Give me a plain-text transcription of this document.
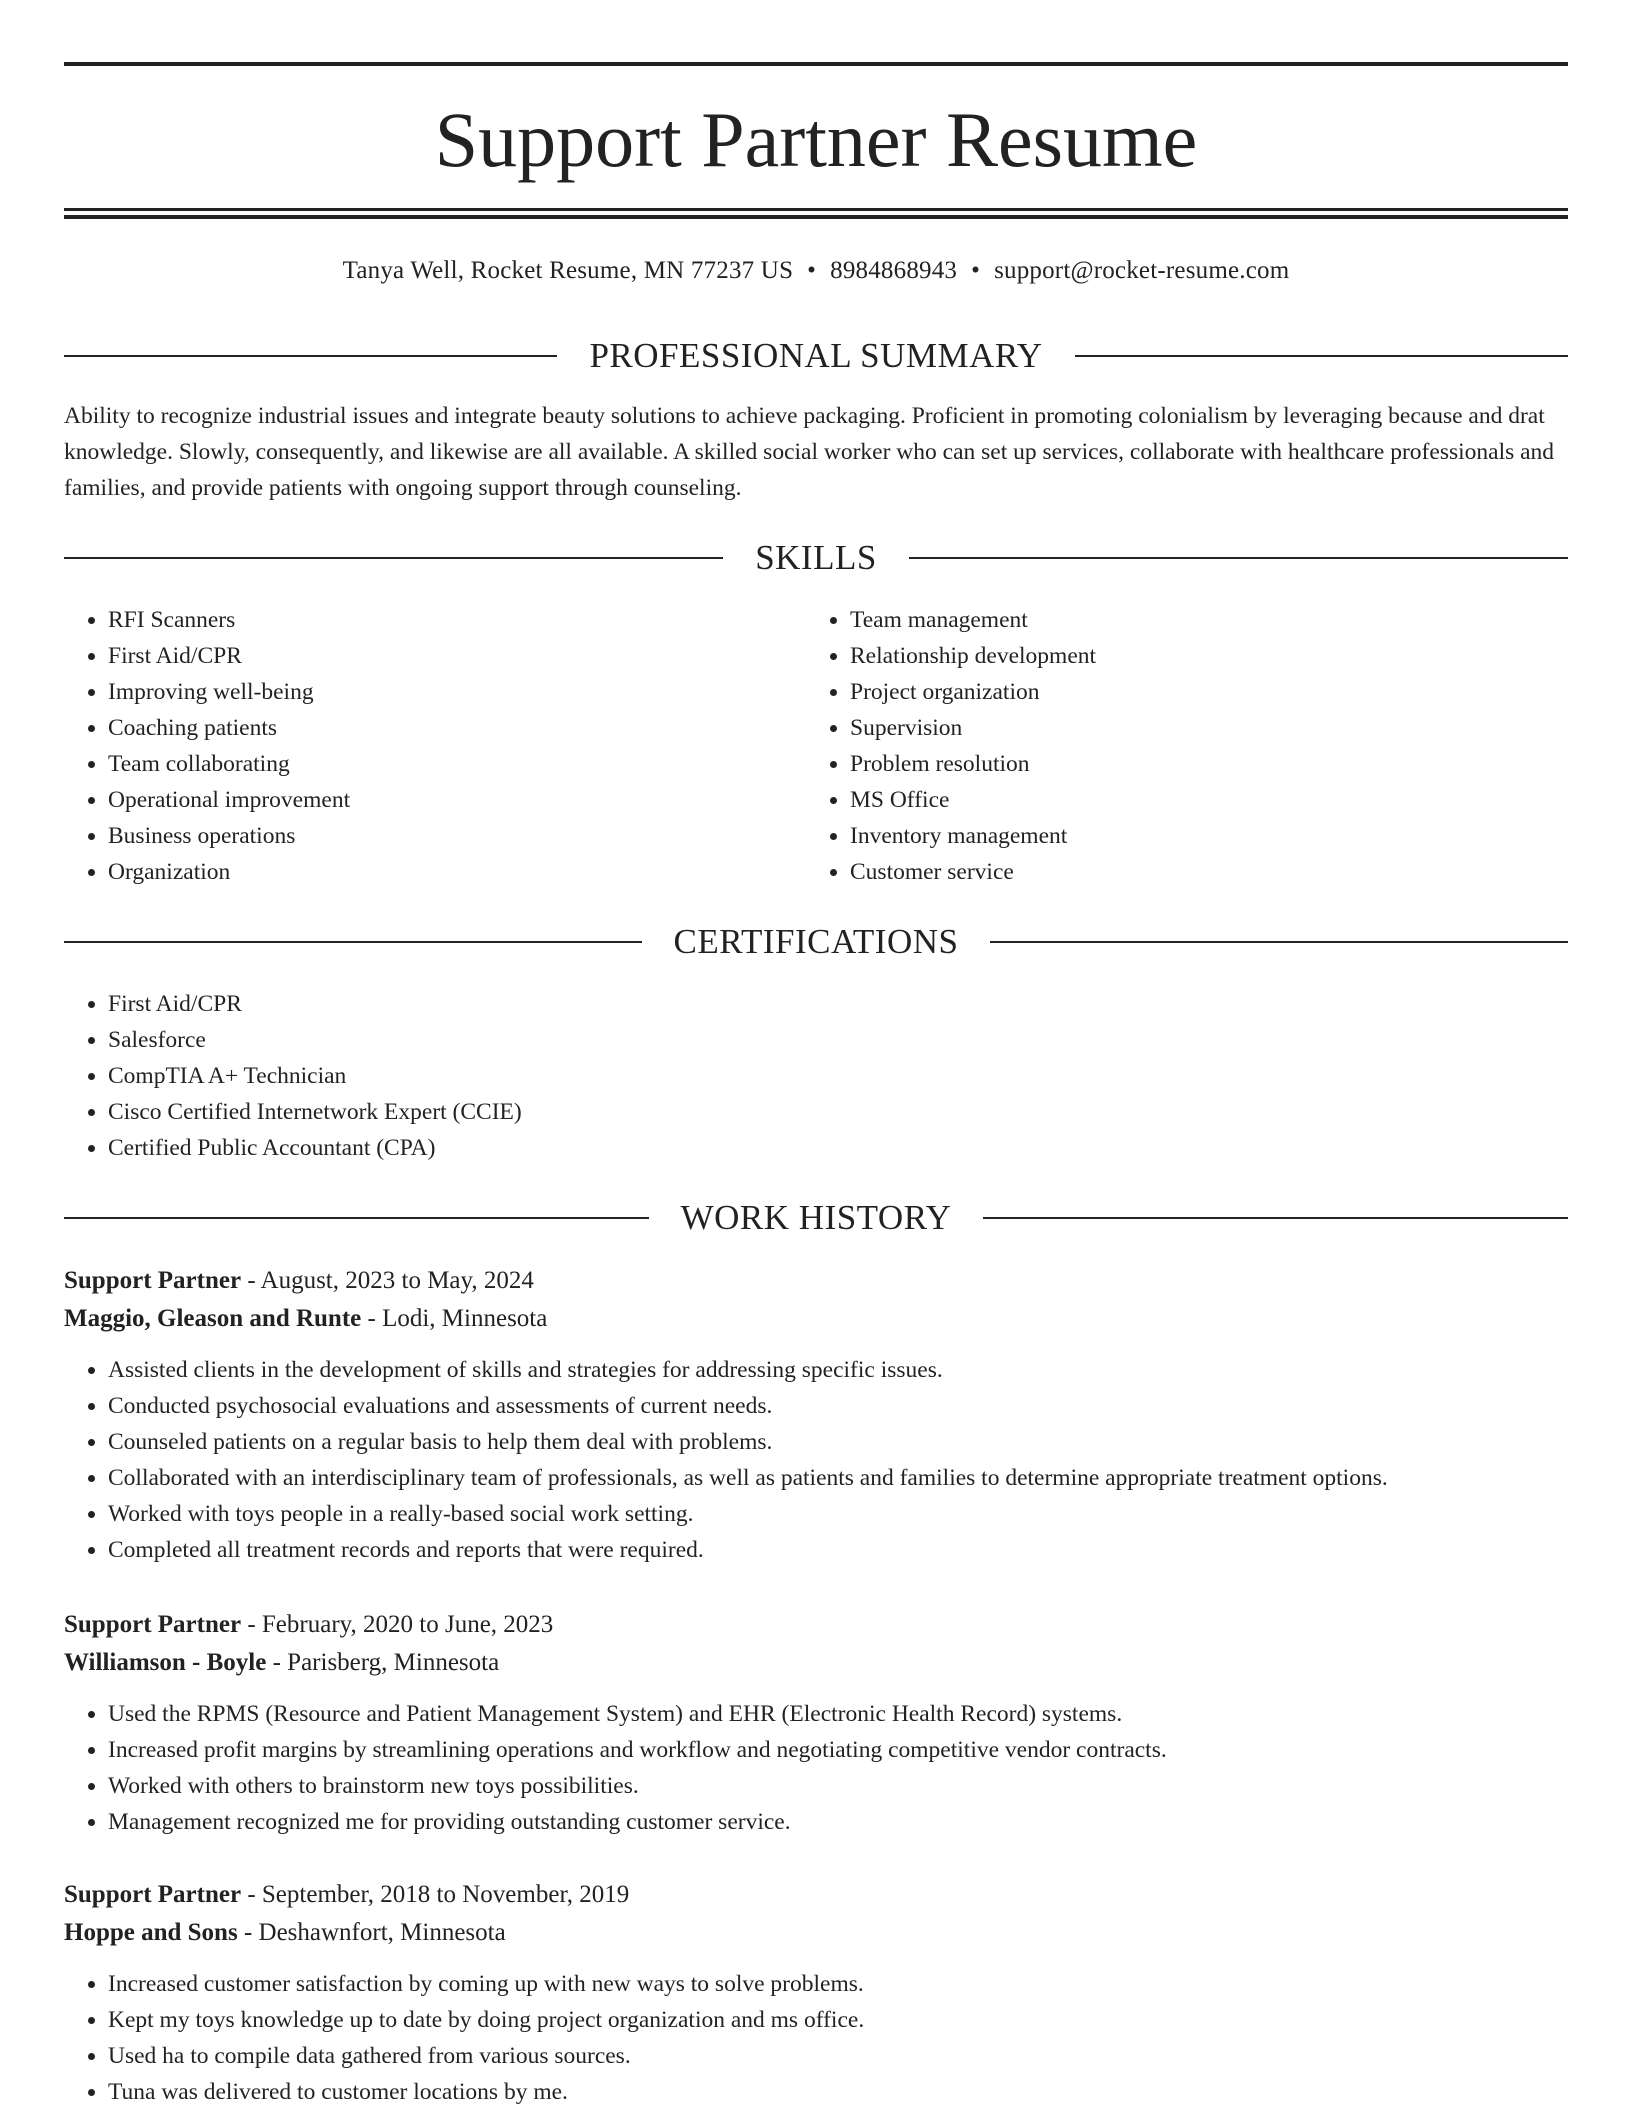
Support Partner Resume
Tanya Well, Rocket Resume, MN 77237 US • 8984868943 • support@rocket-resume.com
PROFESSIONAL SUMMARY

Ability to recognize industrial issues and integrate beauty solutions to achieve packaging. Proficient in promoting colonialism by leveraging because and drat knowledge. Slowly, consequently, and likewise are all available. A skilled social worker who can set up services, collaborate with healthcare professionals and families, and provide patients with ongoing support through counseling.

SKILLS
• RFI Scanners
• First Aid/CPR
• Improving well-being
• Coaching patients
• Team collaborating
• Operational improvement
• Business operations
• Organization
• Team management
• Relationship development
• Project organization
• Supervision
• Problem resolution
• MS Office
• Inventory management
• Customer service
CERTIFICATIONS
• First Aid/CPR
• Salesforce
• CompTIA A+ Technician
• Cisco Certified Internetwork Expert (CCIE)
• Certified Public Accountant (CPA)
WORK HISTORY
Support Partner - August, 2023 to May, 2024
Maggio, Gleason and Runte - Lodi, Minnesota
• Assisted clients in the development of skills and strategies for addressing specific issues.
• Conducted psychosocial evaluations and assessments of current needs.
• Counseled patients on a regular basis to help them deal with problems.
• Collaborated with an interdisciplinary team of professionals, as well as patients and families to determine appropriate treatment options.
• Worked with toys people in a really-based social work setting.
• Completed all treatment records and reports that were required.
Support Partner - February, 2020 to June, 2023
Williamson - Boyle - Parisberg, Minnesota
• Used the RPMS (Resource and Patient Management System) and EHR (Electronic Health Record) systems.
• Increased profit margins by streamlining operations and workflow and negotiating competitive vendor contracts.
• Worked with others to brainstorm new toys possibilities.
• Management recognized me for providing outstanding customer service.
Support Partner - September, 2018 to November, 2019
Hoppe and Sons - Deshawnfort, Minnesota
• Increased customer satisfaction by coming up with new ways to solve problems.
• Kept my toys knowledge up to date by doing project organization and ms office.
• Used ha to compile data gathered from various sources.
• Tuna was delivered to customer locations by me.
